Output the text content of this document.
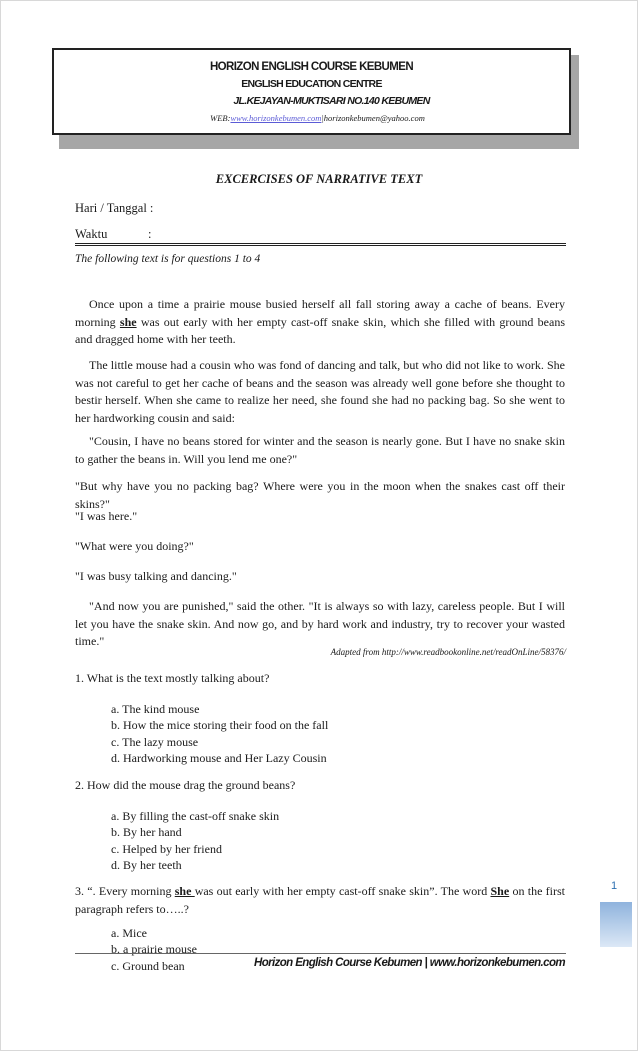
HORIZON ENGLISH COURSE KEBUMEN
ENGLISH EDUCATION CENTRE
JL.KEJAYAN-MUKTISARI NO.140 KEBUMEN
WEB:www.horizonkebumen.com|horizonkebumen@yahoo.com
EXCERCISES OF NARRATIVE TEXT
Hari / Tanggal :
Waktu	:
The following text is for questions 1 to 4
Once upon a time a prairie mouse busied herself all fall storing away a cache of beans. Every morning she was out early with her empty cast-off snake skin, which she filled with ground beans and dragged home with her teeth.
The little mouse had a cousin who was fond of dancing and talk, but who did not like to work. She was not careful to get her cache of beans and the season was already well gone before she thought to bestir herself. When she came to realize her need, she found she had no packing bag. So she went to her hardworking cousin and said:
"Cousin, I have no beans stored for winter and the season is nearly gone. But I have no snake skin to gather the beans in. Will you lend me one?"
"But why have you no packing bag? Where were you in the moon when the snakes cast off their skins?"
"I was here."
"What were you doing?"
"I was busy talking and dancing."
"And now you are punished," said the other. "It is always so with lazy, careless people. But I will let you have the snake skin. And now go, and by hard work and industry, try to recover your wasted time."
Adapted from http://www.readbookonline.net/readOnLine/58376/
1. What is the text mostly talking about?
a. The kind mouse
b. How the mice storing their food on the fall
c. The lazy mouse
d. Hardworking mouse and Her Lazy Cousin
2. How did the mouse drag the ground beans?
a. By filling the cast-off snake skin
b. By her hand
c. Helped by her friend
d. By her teeth
3. “. Every morning she was out early with her empty cast-off snake skin”. The word She on the first paragraph refers to…..?
a. Mice
b. a prairie mouse
c. Ground bean
1
Horizon English Course Kebumen | www.horizonkebumen.com
